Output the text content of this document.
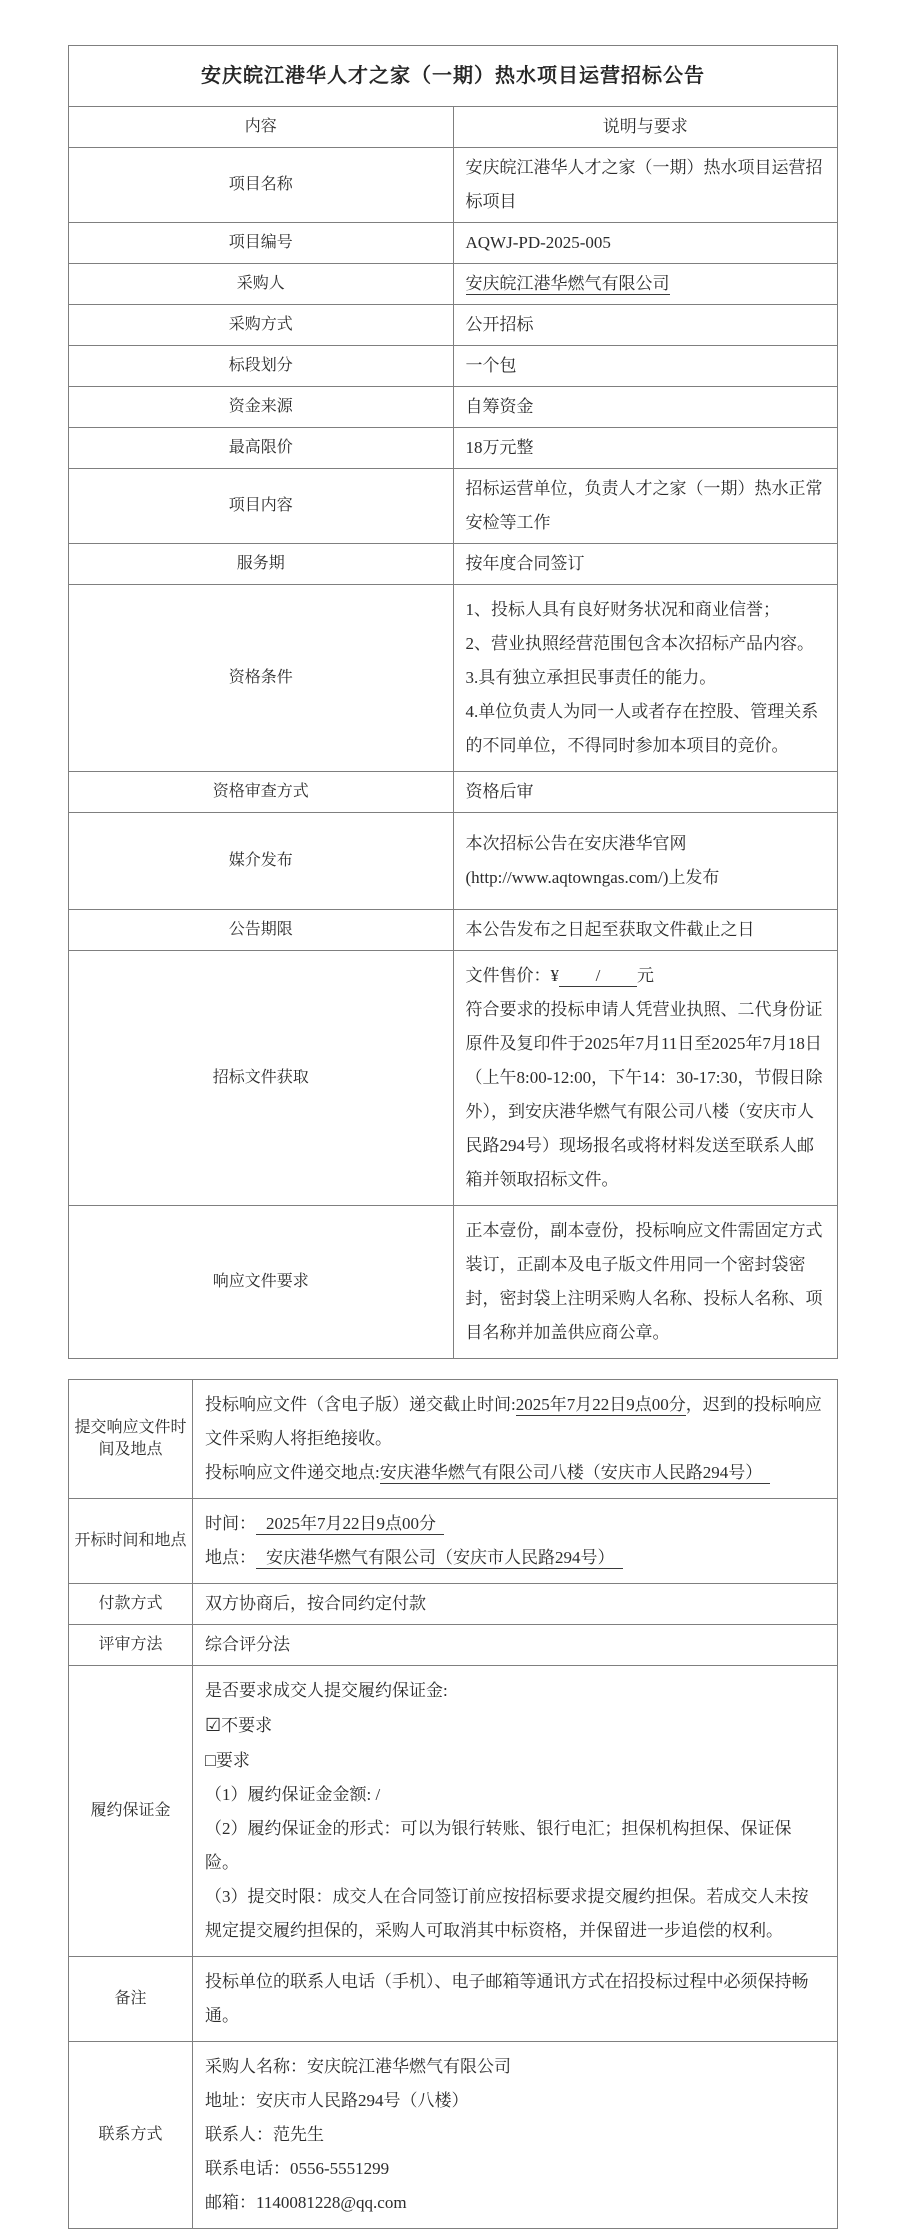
安庆皖江港华人才之家（一期）热水项目运营招标公告	
内容	说明与要求
项目名称	安庆皖江港华人才之家（一期）热水项目运营招标项目
项目编号	AQWJ-PD-2025-005
采购人	安庆皖江港华燃气有限公司
采购方式	公开招标
标段划分	一个包
资金来源	自筹资金
最高限价	18万元整
项目内容	招标运营单位，负责人才之家（一期）热水正常安检等工作
服务期	按年度合同签订
资格条件	1、投标人具有良好财务状况和商业信誉；

2、营业执照经营范围包含本次招标产品内容。

3.具有独立承担民事责任的能力。

4.单位负责人为同一人或者存在控股、管理关系的不同单位，不得同时参加本项目的竞价。

资格审查方式	资格后审
媒介发布	本次招标公告在安庆港华官网(http://www.aqtowngas.com/)上发布
公告期限	本公告发布之日起至获取文件截止之日
招标文件获取	文件售价：¥ / 元

符合要求的投标申请人凭营业执照、二代身份证原件及复印件于2025年7月11日至2025年7月18日（上午8:00-12:00，下午14：30-17:30，节假日除外），到安庆港华燃气有限公司八楼（安庆市人民路294号）现场报名或将材料发送至联系人邮箱并领取招标文件。

响应文件要求	正本壹份，副本壹份，投标响应文件需固定方式装订，正副本及电子版文件用同一个密封袋密封，密封袋上注明采购人名称、投标人名称、项目名称并加盖供应商公章。

提交响应文件时间及地点	投标响应文件（含电子版）递交截止时间:2025年7月22日9点00分，迟到的投标响应文件采购人将拒绝接收。

投标响应文件递交地点:安庆港华燃气有限公司八楼（安庆市人民路294号）

开标时间和地点	时间： 2025年7月22日9点00分

地点： 安庆港华燃气有限公司（安庆市人民路294号）

付款方式	双方协商后，按合同约定付款
评审方法	综合评分法
履约保证金	

是否要求成交人提交履约保证金:

☑不要求

□要求

（1）履约保证金金额: /

（2）履约保证金的形式：可以为银行转账、银行电汇；担保机构担保、保证保险。

（3）提交时限：成交人在合同签订前应按招标要求提交履约担保。若成交人未按规定提交履约担保的，采购人可取消其中标资格，并保留进一步追偿的权利。

备注	投标单位的联系人电话（手机）、电子邮箱等通讯方式在招投标过程中必须保持畅通。

联系方式	采购人名称：安庆皖江港华燃气有限公司

地址：安庆市人民路294号（八楼）

联系人：范先生

联系电话：0556-5551299

邮箱：1140081228@qq.com
